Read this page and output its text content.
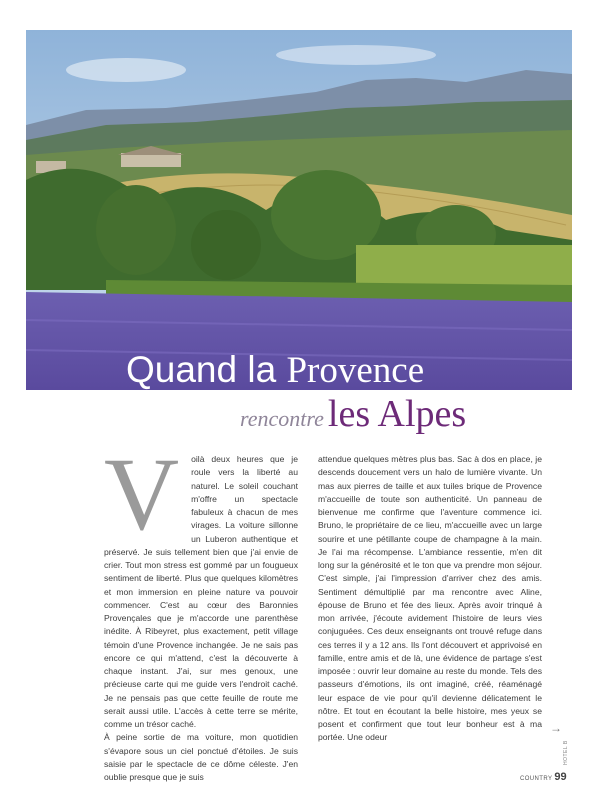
Quand la Provence
rencontre les Alpes
V	oilà deux heures que je roule vers la liberté au naturel. Le soleil couchant m'offre un spectacle fabuleux à chacun de mes virages. La voiture sillonne un Luberon authentique et préservé. Je suis tellement bien que j'ai envie de crier. Tout mon stress est gommé par un fougueux sentiment de liberté. Plus que quelques kilomètres et mon immersion en pleine nature va pouvoir commencer. C'est au cœur des Baronnies Provençales que je m'accorde une parenthèse inédite. À Ribeyret, plus exactement, petit village témoin d'une Provence inchangée. Je ne sais pas encore ce qui m'attend, c'est la découverte à chaque instant. J'ai, sur mes genoux, une précieuse carte qui me guide vers l'endroit caché. Je ne pensais pas que cette feuille de route me serait aussi utile. L'accès à cette terre se mérite, comme un trésor caché.

À peine sortie de ma voiture, mon quotidien s'évapore sous un ciel ponctué d'étoiles. Je suis saisie par le spectacle de ce dôme céleste. J'en oublie presque que je suis

attendue quelques mètres plus bas. Sac à dos en place, je descends doucement vers un halo de lumière vivante. Un mas aux pierres de taille et aux tuiles brique de Provence m'accueille de toute son authenticité. Un panneau de bienvenue me confirme que l'aventure commence ici. Bruno, le propriétaire de ce lieu, m'accueille avec un large sourire et une pétillante coupe de champagne à la main. Je l'ai ma récompense. L'ambiance ressentie, m'en dit long sur la générosité et le ton que va prendre mon séjour. C'est simple, j'ai l'impression d'arriver chez des amis. Sentiment démultiplié par ma rencontre avec Aline, épouse de Bruno et fée des lieux. Après avoir trinqué à mon arrivée, j'écoute avidement l'histoire de leurs vies conjuguées. Ces deux enseignants ont trouvé refuge dans ces terres il y a 12 ans. Ils l'ont découvert et apprivoisé en famille, entre amis et de là, une évidence de partage s'est imposée : ouvrir leur domaine au reste du monde. Tels des passeurs d'émotions, ils ont imaginé, créé, réaménagé leur espace de vie pour qu'il devienne délicatement le nôtre. Et tout en écoutant la belle histoire, mes yeux se posent et confirment que tout leur bonheur est à ma portée. Une odeur

→
HOTEL B
COUNTRY 99
